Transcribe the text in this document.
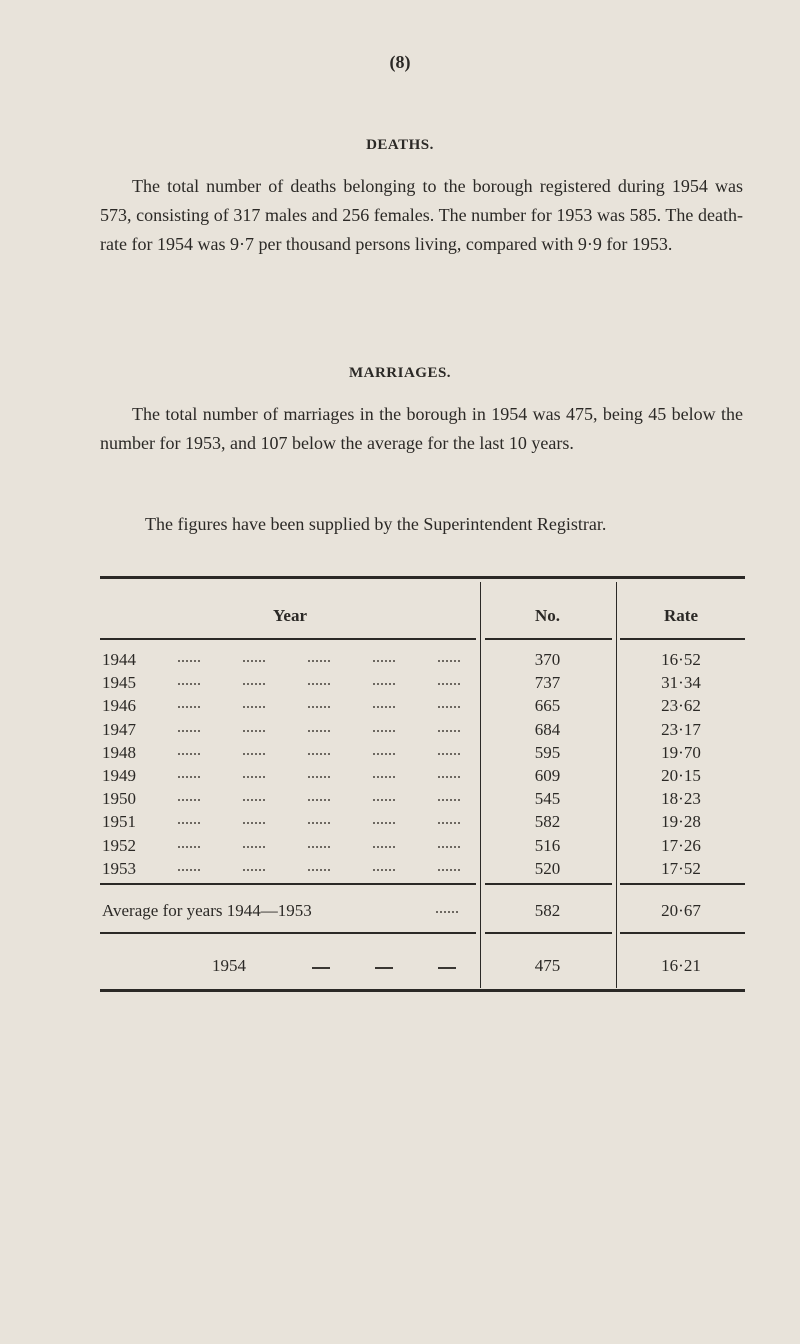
(8)
DEATHS.
The total number of deaths belonging to the borough registered during 1954 was 573, consisting of 317 males and 256 females. The number for 1953 was 585. The death-rate for 1954 was 9·7 per thousand persons living, compared with 9·9 for 1953.
MARRIAGES.
The total number of marriages in the borough in 1954 was 475, being 45 below the number for 1953, and 107 below the average for the last 10 years.
The figures have been supplied by the Superintendent Registrar.
Year	No.	Rate
1944	370	16·52
1945	737	31·34
1946	665	23·62
1947	684	23·17
1948	595	19·70
1949	609	20·15
1950	545	18·23
1951	582	19·28
1952	516	17·26
1953	520	17·52
Average for years 1944—1953	582	20·67
1954	475	16·21
